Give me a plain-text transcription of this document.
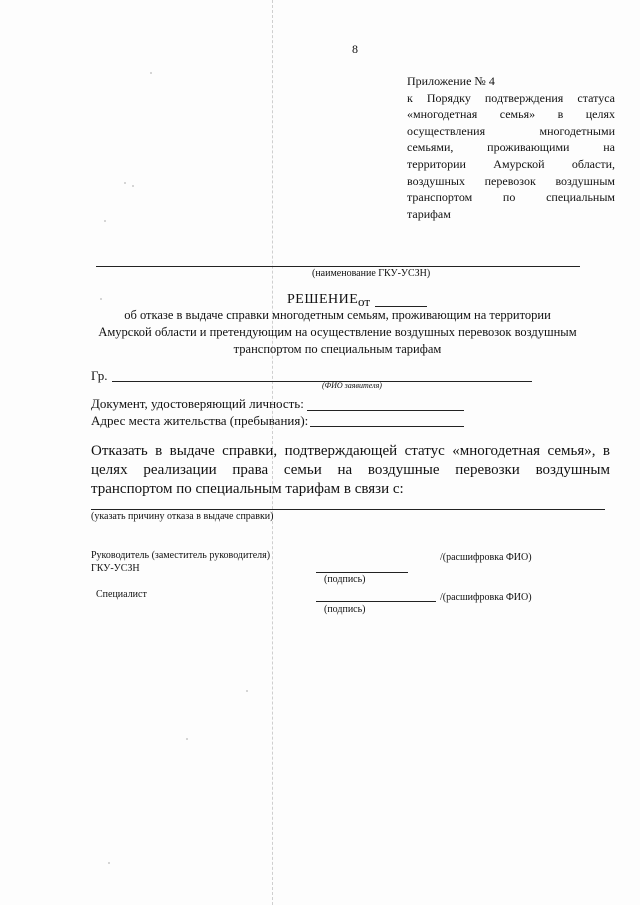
8
Приложение № 4
к Порядку подтверждения статуса
«многодетная семья» в целях
осуществления многодетными
семьями, проживающими на
территории Амурской области,
воздушных перевозок воздушным
транспортом по специальным
тарифам
(наименование ГКУ-УСЗН)
РЕШЕНИЕ от
об отказе в выдаче справки многодетным семьям, проживающим на территории
Амурской области и претендующим на осуществление воздушных перевозок воздушным
транспортом по специальным тарифам
Гр.
(ФИО заявителя)
Документ, удостоверяющий личность:
Адрес места жительства (пребывания):
Отказать в выдаче справки, подтверждающей статус «многодетная семья», в
целях реализации права семьи на воздушные перевозки воздушным
транспортом по специальным тарифам в связи с:
(указать причину отказа в выдаче справки)
Руководитель (заместитель руководителя)
ГКУ-УСЗН
(подпись)
/(расшифровка ФИО)
Специалист
(подпись)
/(расшифровка ФИО)
